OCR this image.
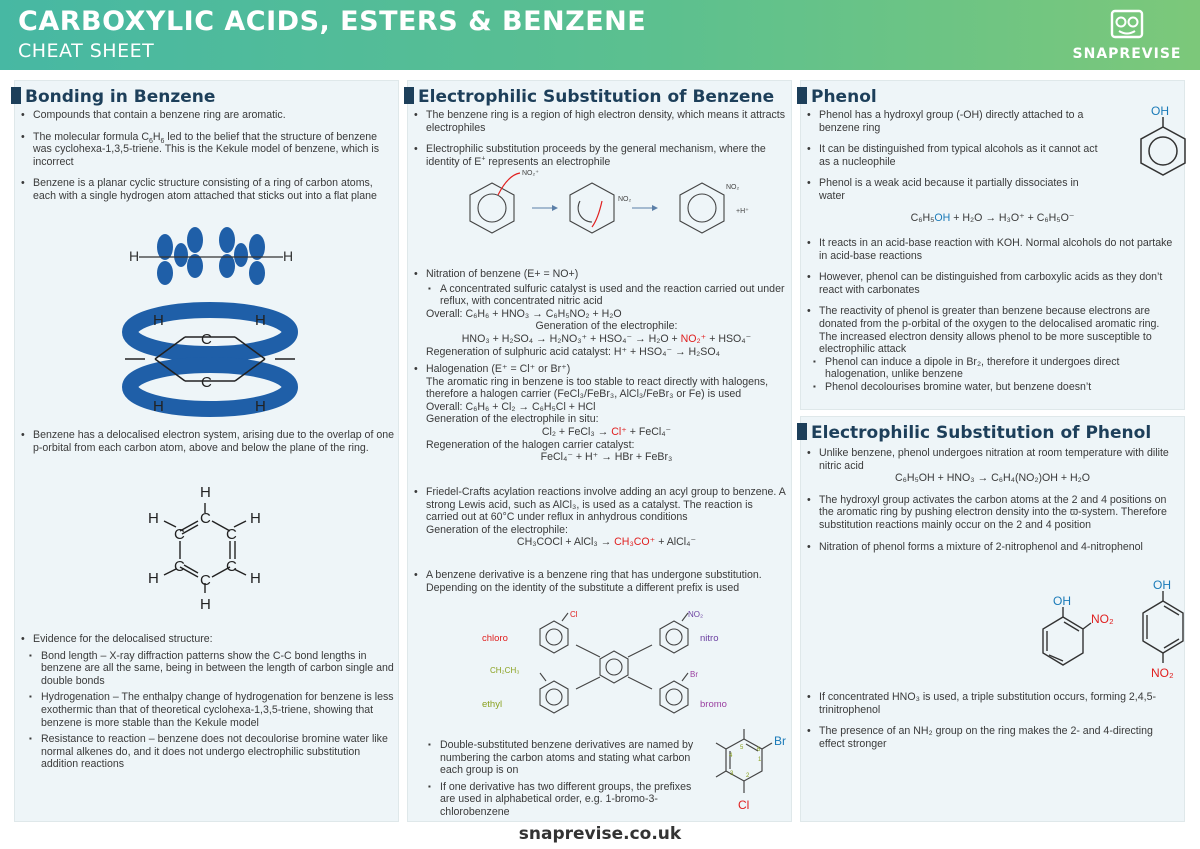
CARBOXYLIC ACIDS, ESTERS & BENZENE
CHEAT SHEET	SNAPREVISE
Bonding in Benzene

• Compounds that contain a benzene ring are aromatic.

• The molecular formula $C_6H_6$ led to the belief that the structure of benzene was cyclohexa-1,3,5-triene. This is the Kekule model of benzene, which is incorrect

• Benzene is a planar cyclic structure consisting of a ring of carbon atoms, each with a single hydrogen atom attached that sticks out into a flat plane

H	H
H	H
H	H
C
C

• Benzene has a delocalised electron system, arising due to the overlap of one p-orbital from each carbon atom, above and below the plane of the ring.

H
C
C
C
C
C
C
H
H	H
H	H

• Evidence for the delocalised structure:

▪ Bond length – X-ray diffraction patterns show the C-C bond lengths in benzene are all the same, being in between the length of carbon single and double bonds

▪ Hydrogenation – The enthalpy change of hydrogenation for benzene is less exothermic than that of theoretical cyclohexa-1,3,5-triene, showing that benzene is more stable than the Kekule model

▪ Resistance to reaction – benzene does not decoulorise bromine water like normal alkenes do, and it does not undergo electrophilic substitution addition reactions

Electrophilic Substitution of Benzene

• The benzene ring is a region of high electron density, which means it attracts electrophiles

• Electrophilic substitution proceeds by the general mechanism, where the identity of E+ represents an electrophile

NO₂⁺
NO₂
NO₂
+H⁺

• Nitration of benzene (E+ = NO+)

▪ A concentrated sulfuric catalyst is used and the reaction carried out under reflux, with concentrated nitric acid

Overall: C₆H₆ + HNO₃ → C₆H₅NO₂ + H₂O
Generation of the electrophile:
HNO₃ + H₂SO₄ → H₂NO₃⁺ + HSO₄⁻ → H₂O + NO₂⁺ + HSO₄⁻
Regeneration of sulphuric acid catalyst: H⁺ + HSO₄⁻ → H₂SO₄

• Halogenation (E⁺ = Cl⁺ or Br⁺)

The aromatic ring in benzene is too stable to react directly with halogens, therefore a halogen carrier (FeCl₃/FeBr₃, AlCl₃/FeBr₃ or Fe) is used
Overall: C₆H₆ + Cl₂ → C₆H₅Cl + HCl
Generation of the electrophile in situ:
Cl₂ + FeCl₃ → Cl⁺ + FeCl₄⁻
Regeneration of the halogen carrier catalyst:
FeCl₄⁻ + H⁺ → HBr + FeBr₃

• Friedel-Crafts acylation reactions involve adding an acyl group to benzene. A strong Lewis acid, such as AlCl₃, is used as a catalyst. The reaction is carried out at 60°C under reflux in anhydrous conditions

Generation of the electrophile:
CH₃COCl + AlCl₃ → CH₃CO⁺ + AlCl₄⁻

• A benzene derivative is a benzene ring that has undergone substitution. Depending on the identity of the substitute a different prefix is used

chloro	nitro
ethyl	bromo
Cl	NO₂
CH₂CH₃	Br

▪ Double-substituted benzene derivatives are named by numbering the carbon atoms and stating what carbon each group is on

▪ If one derivative has two different groups, the prefixes are used in alphabetical order, e.g. 1-bromo-3-chlorobenzene

1
2
3
4
5 6
Br
Cl
Phenol
OH

• Phenol has a hydroxyl group (-OH) directly attached to a benzene ring

• It can be distinguished from typical alcohols as it cannot act as a nucleophile

• Phenol is a weak acid because it partially dissociates in water

C₆H₅OH + H₂O → H₃O⁺ + C₆H₅O⁻

• It reacts in an acid-base reaction with KOH. Normal alcohols do not partake in acid-base reactions

• However, phenol can be distinguished from carboxylic acids as they don’t react with carbonates

• The reactivity of phenol is greater than benzene because electrons are donated from the p-orbital of the oxygen to the delocalised aromatic ring. The increased electron density allows phenol to be more susceptible to electrophilic attack

▪ Phenol can induce a dipole in Br₂, therefore it undergoes direct halogenation, unlike benzene

▪ Phenol decolourises bromine water, but benzene doesn’t

Electrophilic Substitution of Phenol

• Unlike benzene, phenol undergoes nitration at room temperature with dilite nitric acid

C₆H₅OH + HNO₃ → C₆H₄(NO₂)OH + H₂O

• The hydroxyl group activates the carbon atoms at the 2 and 4 positions on the aromatic ring by pushing electron density into the ϖ-system. Therefore substitution reactions mainly occur on the 2 and 4 position

• Nitration of phenol forms a mixture of 2-nitrophenol and 4-nitrophenol

OH
NO₂
OH
NO₂

• If concentrated HNO₃ is used, a triple substitution occurs, forming 2,4,5-trinitrophenol

• The presence of an NH₂ group on the ring makes the 2- and 4-directing effect stronger

snaprevise.co.uk
